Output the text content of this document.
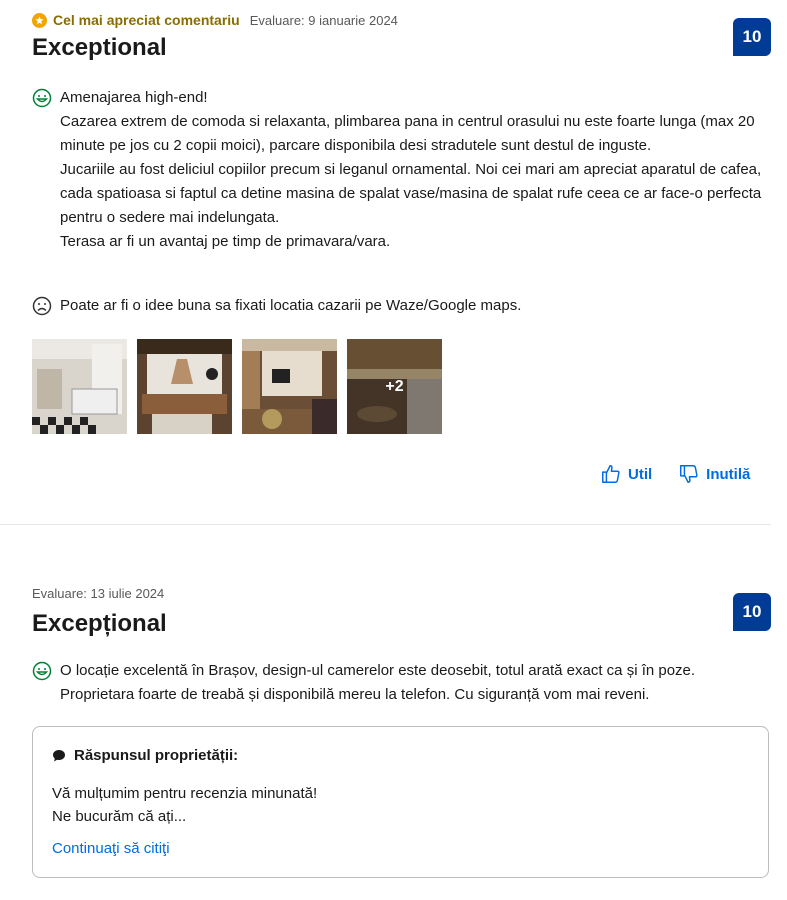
Cel mai apreciat comentariu Evaluare: 9 ianuarie 2024
Exceptional	10
Amenajarea high-end!
Cazarea extrem de comoda si relaxanta, plimbarea pana in centrul orasului nu este foarte lunga (max 20 minute pe jos cu 2 copii moici), parcare disponibila desi stradutele sunt destul de inguste.
Jucariile au fost deliciul copiilor precum si leganul ornamental. Noi cei mari am apreciat aparatul de cafea, cada spatioasa si faptul ca detine masina de spalat vase/masina de spalat rufe ceea ce ar face-o perfecta pentru o sedere mai indelungata.
Terasa ar fi un avantaj pe timp de primavara/vara.
Poate ar fi o idee buna sa fixati locatia cazarii pe Waze/Google maps.
+2
Util	Inutilă
Evaluare: 13 iulie 2024
Excepțional	10
O locație excelentă în Brașov, design-ul camerelor este deosebit, totul arată exact ca și în poze. Proprietara foarte de treabă și disponibilă mereu la telefon. Cu siguranță vom mai reveni.
Răspunsul proprietății:
Vă mulțumim pentru recenzia minunată!
Ne bucurăm că ați...
Continuaţi să citiţi
